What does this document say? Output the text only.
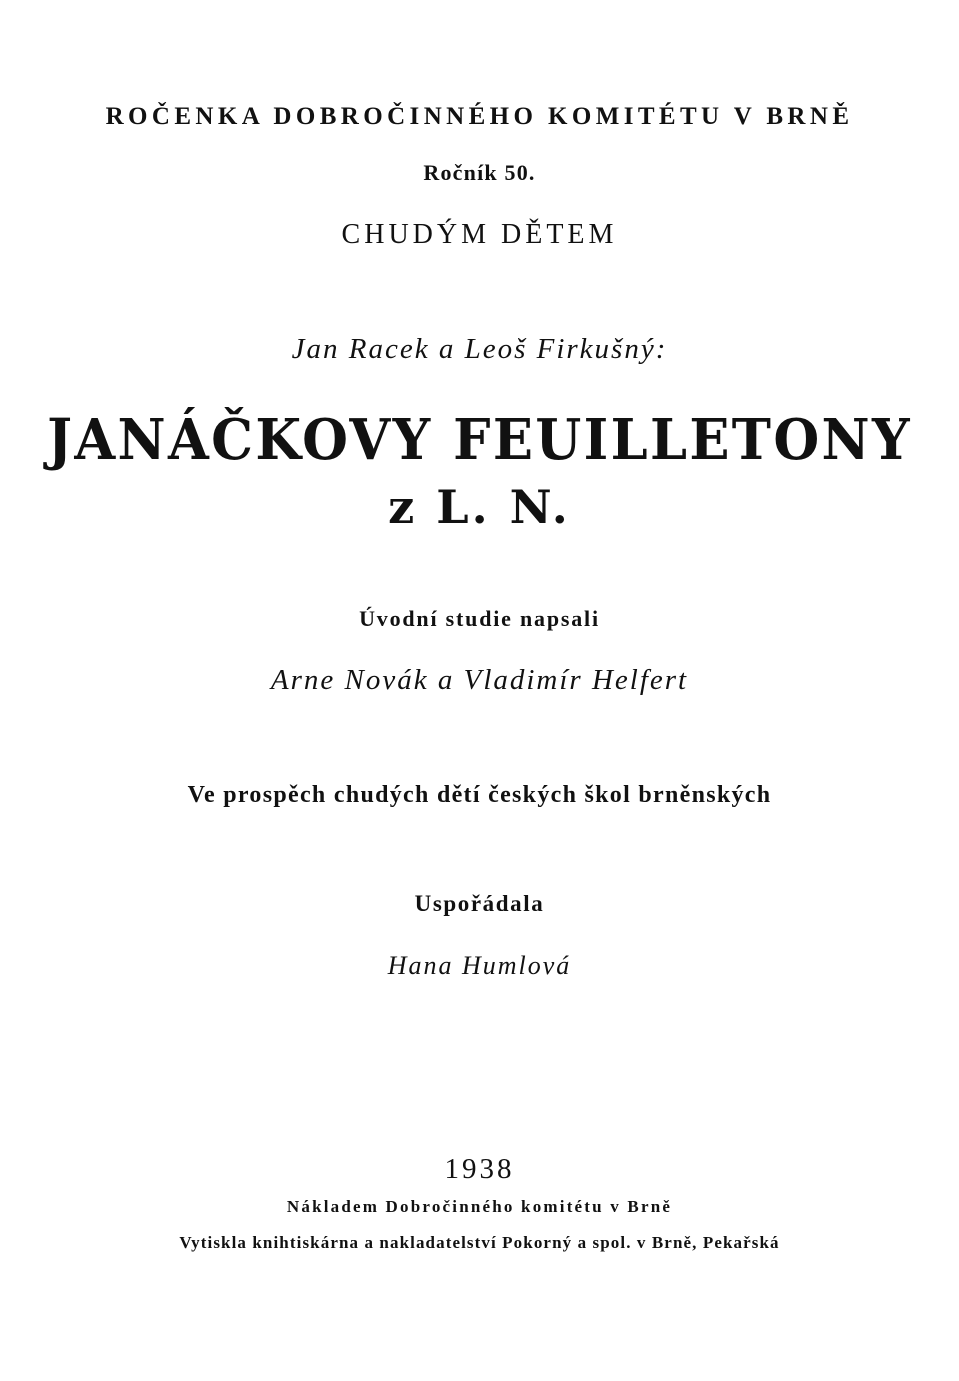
ROČENKA DOBROČINNÉHO KOMITÉTU V BRNĚ
Ročník 50.
CHUDÝM DĚTEM
Jan Racek a Leoš Firkušný:
JANÁČKOVY FEUILLETONY
z L. N.
Úvodní studie napsali
Arne Novák a Vladimír Helfert
Ve prospěch chudých dětí českých škol brněnských
Uspořádala
Hana Humlová
1938
Nákladem Dobročinného komitétu v Brně
Vytiskla knihtiskárna a nakladatelství Pokorný a spol. v Brně, Pekařská
